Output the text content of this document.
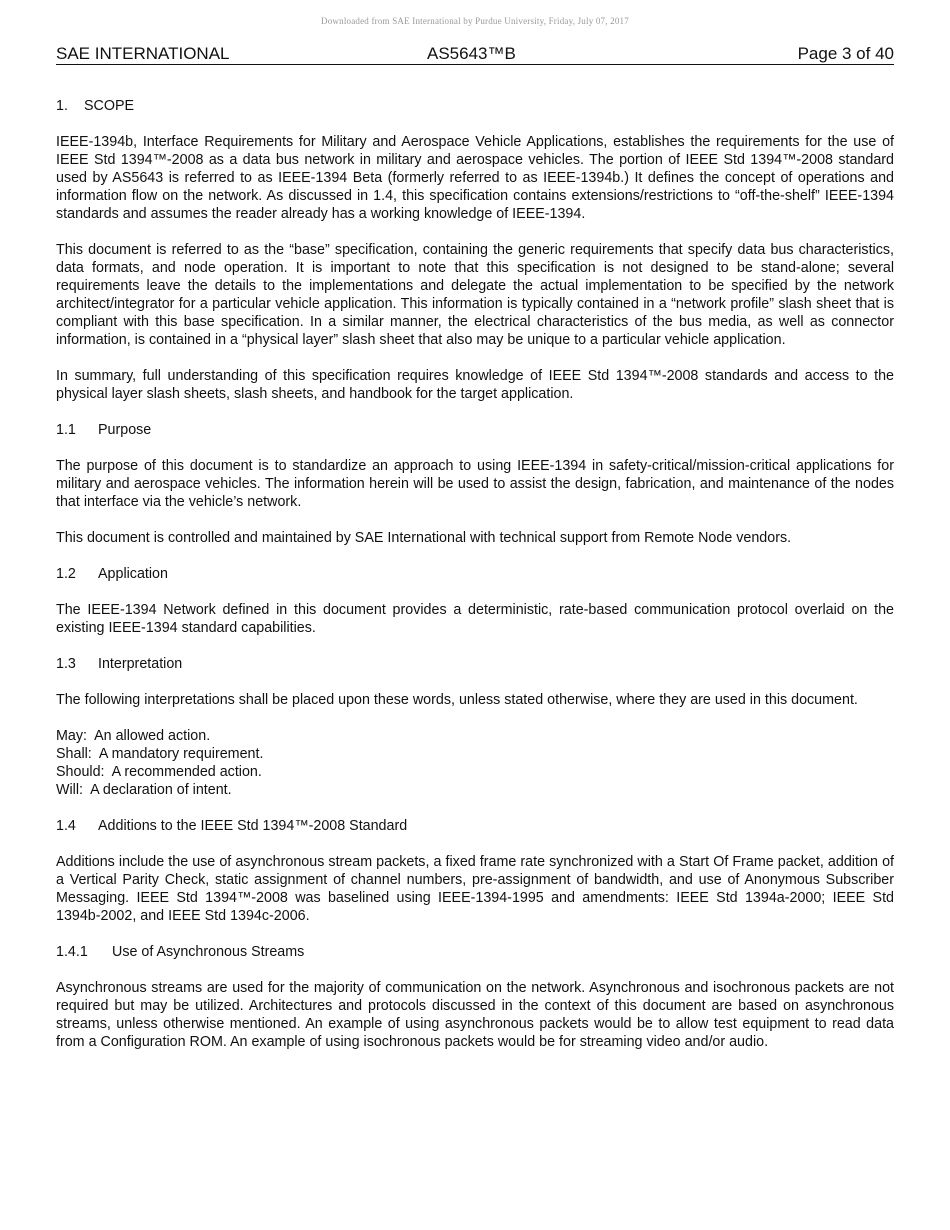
Downloaded from SAE International by Purdue University, Friday, July 07, 2017
SAE INTERNATIONAL	AS5643™B	Page 3 of 40
1. SCOPE

IEEE-1394b, Interface Requirements for Military and Aerospace Vehicle Applications, establishes the requirements for the use of IEEE Std 1394™-2008 as a data bus network in military and aerospace vehicles. The portion of IEEE Std 1394™-2008 standard used by AS5643 is referred to as IEEE-1394 Beta (formerly referred to as IEEE-1394b.) It defines the concept of operations and information flow on the network. As discussed in 1.4, this specification contains extensions/restrictions to “off-the-shelf” IEEE-1394 standards and assumes the reader already has a working knowledge of IEEE-1394.

This document is referred to as the “base” specification, containing the generic requirements that specify data bus characteristics, data formats, and node operation. It is important to note that this specification is not designed to be stand-alone; several requirements leave the details to the implementations and delegate the actual implementation to be specified by the network architect/integrator for a particular vehicle application. This information is typically contained in a “network profile” slash sheet that is compliant with this base specification. In a similar manner, the electrical characteristics of the bus media, as well as connector information, is contained in a “physical layer” slash sheet that also may be unique to a particular vehicle application.

In summary, full understanding of this specification requires knowledge of IEEE Std 1394™-2008 standards and access to the physical layer slash sheets, slash sheets, and handbook for the target application.

1.1 Purpose

The purpose of this document is to standardize an approach to using IEEE-1394 in safety-critical/mission-critical applications for military and aerospace vehicles. The information herein will be used to assist the design, fabrication, and maintenance of the nodes that interface via the vehicle’s network.

This document is controlled and maintained by SAE International with technical support from Remote Node vendors.

1.2 Application

The IEEE-1394 Network defined in this document provides a deterministic, rate-based communication protocol overlaid on the existing IEEE-1394 standard capabilities.

1.3 Interpretation

The following interpretations shall be placed upon these words, unless stated otherwise, where they are used in this document.

May:  An allowed action.
Shall:  A mandatory requirement.
Should:  A recommended action.
Will:  A declaration of intent.
1.4 Additions to the IEEE Std 1394™-2008 Standard

Additions include the use of asynchronous stream packets, a fixed frame rate synchronized with a Start Of Frame packet, addition of a Vertical Parity Check, static assignment of channel numbers, pre-assignment of bandwidth, and use of Anonymous Subscriber Messaging. IEEE Std 1394™-2008 was baselined using IEEE-1394-1995 and amendments: IEEE Std 1394a-2000; IEEE Std 1394b-2002, and IEEE Std 1394c-2006.

1.4.1 Use of Asynchronous Streams

Asynchronous streams are used for the majority of communication on the network. Asynchronous and isochronous packets are not required but may be utilized. Architectures and protocols discussed in the context of this document are based on asynchronous streams, unless otherwise mentioned. An example of using asynchronous packets would be to allow test equipment to read data from a Configuration ROM. An example of using isochronous packets would be for streaming video and/or audio.
